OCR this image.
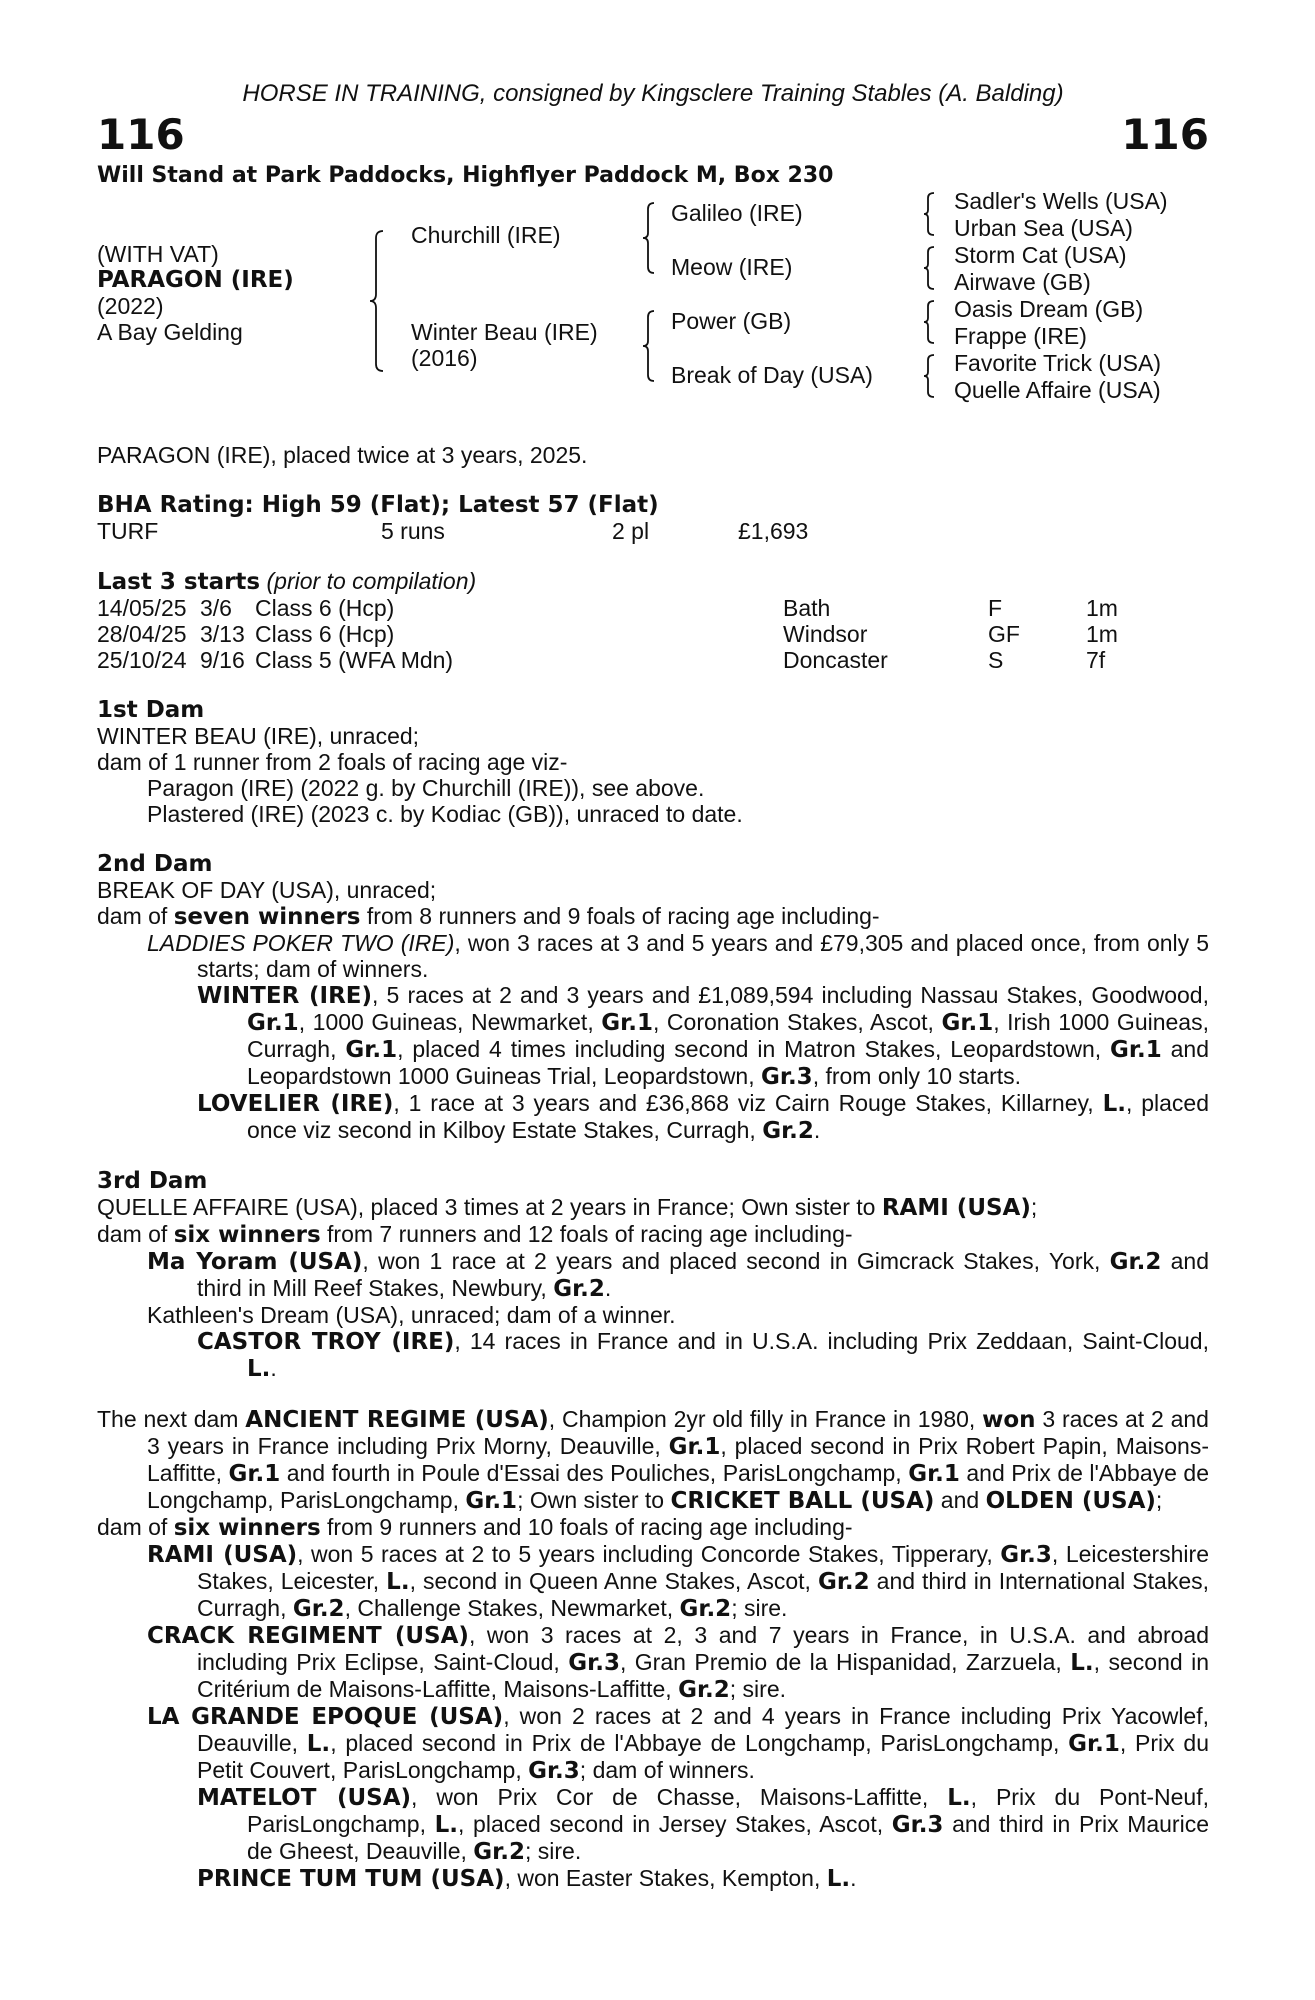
HORSE IN TRAINING, consigned by Kingsclere Training Stables (A. Balding)
116	116
Will Stand at Park Paddocks, Highflyer Paddock M, Box 230
(WITH VAT)
PARAGON (IRE)
(2022)
A Bay Gelding
Churchill (IRE)
Winter Beau (IRE)
(2016)
Galileo (IRE)
Meow (IRE)
Power (GB)
Break of Day (USA)
Sadler's Wells (USA)
Urban Sea (USA)
Storm Cat (USA)
Airwave (GB)
Oasis Dream (GB)
Frappe (IRE)
Favorite Trick (USA)
Quelle Affaire (USA)
PARAGON (IRE), placed twice at 3 years, 2025.
BHA Rating: High 59 (Flat); Latest 57 (Flat)
TURF	5 runs	2 pl	£1,693
Last 3 starts (prior to compilation)
14/05/25 3/6	Class 6 (Hcp)	Bath	F	1m
28/04/25 3/13 Class 6 (Hcp)	Windsor	GF	1m
25/10/24 9/16 Class 5 (WFA Mdn)	Doncaster	S	7f
1st Dam
WINTER BEAU (IRE), unraced;
dam of 1 runner from 2 foals of racing age viz-
Paragon (IRE) (2022 g. by Churchill (IRE)), see above.
Plastered (IRE) (2023 c. by Kodiac (GB)), unraced to date.
2nd Dam
BREAK OF DAY (USA), unraced;
dam of seven winners from 8 runners and 9 foals of racing age including-
LADDIES POKER TWO (IRE), won 3 races at 3 and 5 years and £79,305 and placed once, from only 5 starts; dam of winners.
WINTER (IRE), 5 races at 2 and 3 years and £1,089,594 including Nassau Stakes, Goodwood, Gr.1, 1000 Guineas, Newmarket, Gr.1, Coronation Stakes, Ascot, Gr.1, Irish 1000 Guineas, Curragh, Gr.1, placed 4 times including second in Matron Stakes, Leopardstown, Gr.1 and Leopardstown 1000 Guineas Trial, Leopardstown, Gr.3, from only 10 starts.
LOVELIER (IRE), 1 race at 3 years and £36,868 viz Cairn Rouge Stakes, Killarney, L., placed once viz second in Kilboy Estate Stakes, Curragh, Gr.2.
3rd Dam
QUELLE AFFAIRE (USA), placed 3 times at 2 years in France; Own sister to RAMI (USA);
dam of six winners from 7 runners and 12 foals of racing age including-
Ma Yoram (USA), won 1 race at 2 years and placed second in Gimcrack Stakes, York, Gr.2 and third in Mill Reef Stakes, Newbury, Gr.2.
Kathleen's Dream (USA), unraced; dam of a winner.
CASTOR TROY (IRE), 14 races in France and in U.S.A. including Prix Zeddaan, Saint-Cloud, L..
The next dam ANCIENT REGIME (USA), Champion 2yr old filly in France in 1980, won 3 races at 2 and 3 years in France including Prix Morny, Deauville, Gr.1, placed second in Prix Robert Papin, Maisons-Laffitte, Gr.1 and fourth in Poule d'Essai des Pouliches, ParisLongchamp, Gr.1 and Prix de l'Abbaye de Longchamp, ParisLongchamp, Gr.1; Own sister to CRICKET BALL (USA) and OLDEN (USA);
dam of six winners from 9 runners and 10 foals of racing age including-
RAMI (USA), won 5 races at 2 to 5 years including Concorde Stakes, Tipperary, Gr.3, Leicestershire Stakes, Leicester, L., second in Queen Anne Stakes, Ascot, Gr.2 and third in International Stakes, Curragh, Gr.2, Challenge Stakes, Newmarket, Gr.2; sire.
CRACK REGIMENT (USA), won 3 races at 2, 3 and 7 years in France, in U.S.A. and abroad including Prix Eclipse, Saint-Cloud, Gr.3, Gran Premio de la Hispanidad, Zarzuela, L., second in Critérium de Maisons-Laffitte, Maisons-Laffitte, Gr.2; sire.
LA GRANDE EPOQUE (USA), won 2 races at 2 and 4 years in France including Prix Yacowlef, Deauville, L., placed second in Prix de l'Abbaye de Longchamp, ParisLongchamp, Gr.1, Prix du Petit Couvert, ParisLongchamp, Gr.3; dam of winners.
MATELOT (USA), won Prix Cor de Chasse, Maisons-Laffitte, L., Prix du Pont-Neuf, ParisLongchamp, L., placed second in Jersey Stakes, Ascot, Gr.3 and third in Prix Maurice de Gheest, Deauville, Gr.2; sire.
PRINCE TUM TUM (USA), won Easter Stakes, Kempton, L..
